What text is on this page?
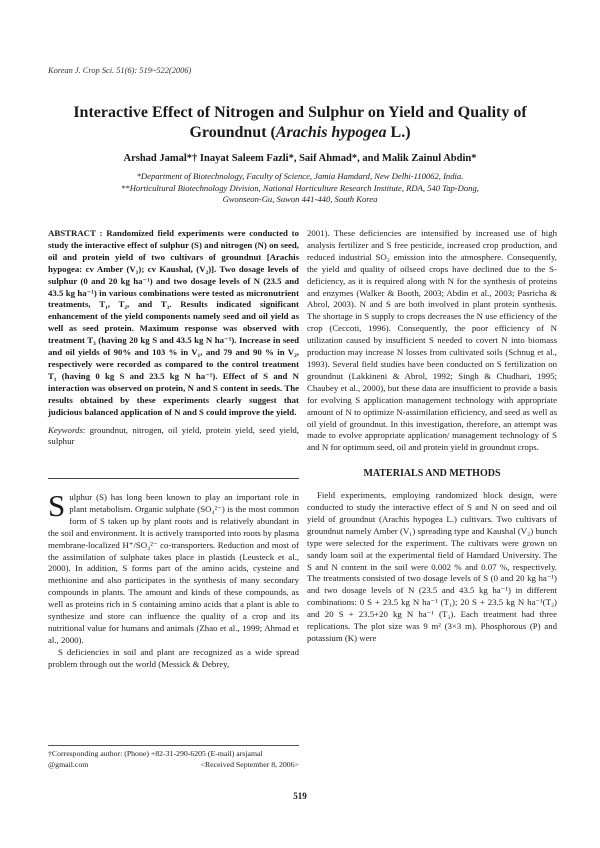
Korean J. Crop Sci. 51(6): 519~522(2006)
Interactive Effect of Nitrogen and Sulphur on Yield and Quality of
Groundnut (Arachis hypogea L.)
Arshad Jamal*† Inayat Saleem Fazli*, Saif Ahmad*, and Malik Zainul Abdin*
*Department of Biotechnology, Faculty of Science, Jamia Hamdard, New Delhi-110062, India.
**Horticultural Biotechnology Division, National Horticulture Research Institute, RDA, 540 Tap-Dong,
Gwonseon-Gu, Suwon 441-440, South Korea
ABSTRACT : Randomized field experiments were conducted to study the interactive effect of sulphur (S) and nitrogen (N) on seed, oil and protein yield of two cultivars of groundnut [Arachis hypogea: cv Amber (V₁); cv Kaushal, (V₂)]. Two dosage levels of sulphur (0 and 20 kg ha⁻¹) and two dosage levels of N (23.5 and 43.5 kg ha⁻¹) in various combinations were tested as micronutrient treatments, T₁, T₂, and T₃. Results indicated significant enhancement of the yield components namely seed and oil yield as well as seed protein. Maximum response was observed with treatment T₃ (having 20 kg S and 43.5 kg N ha⁻¹). Increase in seed and oil yields of 90% and 103 % in V₁, and 79 and 90 % in V₂, respectively were recorded as compared to the control treatment T₁ (having 0 kg S and 23.5 kg N ha⁻¹). Effect of S and N interaction was observed on protein, N and S content in seeds. The results obtained by these experiments clearly suggest that judicious balanced application of N and S could improve the yield.
Keywords: groundnut, nitrogen, oil yield, protein yield, seed yield, sulphur

Sulphur (S) has long been known to play an important role in plant metabolism. Organic sulphate (SO₄²⁻) is the most common form of S taken up by plant roots and is relatively abundant in the soil and environment. It is actively transported into roots by plasma membrane-localized H⁺/SO₄²⁻ co-transporters. Reduction and most of the assimilation of sulphate takes place in plastids (Leusteck et al., 2000). In addition, S forms part of the amino acids, cysteine and methionine and also participates in the synthesis of many secondary compounds in plants. The amount and kinds of these compounds, as well as proteins rich in S containing amino acids that a plant is able to synthesize and store can influence the quality of a crop and its nutritional value for humans and animals (Zhao et al., 1999; Ahmad et al., 2000).

S deficiencies in soil and plant are recognized as a wide spread problem through out the world (Messick & Debrey,

†Corresponding author: (Phone) +82-31-290-6205 (E-mail) arsjamal @gmail.com	<Received September 8, 2006>

2001). These deficiencies are intensified by increased use of high analysis fertilizer and S free pesticide, increased crop production, and reduced industrial SO₂ emission into the atmosphere. Consequently, the yield and quality of oilseed crops have declined due to the S-deficiency, as it is required along with N for the synthesis of proteins and enzymes (Walker & Booth, 2003; Abdin et al., 2003; Pasricha & Abrol, 2003). N and S are both involved in plant protein synthesis. The shortage in S supply to crops decreases the N use efficiency of the crop (Ceccoti, 1996). Consequently, the poor efficiency of N utilization caused by insufficient S needed to covert N into biomass production may increase N losses from cultivated soils (Schnug et al., 1993). Several field studies have been conducted on S fertilization on groundnut (Lakkineni & Abrol, 1992; Singh & Chudhari, 1995; Chaubey et al., 2000), but these data are insufficient to provide a basis for evolving S application management technology with appropriate amount of N to optimize N-assimilation efficiency, and seed as well as oil yield of groundnut. In this investigation, therefore, an attempt was made to evolve appropriate application/ management technology of S and N for optimum seed, oil and protein yield in groundnut crops.

MATERIALS AND METHODS

Field experiments, employing randomized block design, were conducted to study the interactive effect of S and N on seed and oil yield of groundnut (Arachis hypogea L.) cultivars. Two cultivars of groundnut namely Amber (V₁) spreading type and Kaushal (V₂) bunch type were selected for the experiment. The cultivars were grown on sandy loam soil at the experimental field of Hamdard University. The S and N content in the soil were 0.002 % and 0.07 %, respectively. The treatments consisted of two dosage levels of S (0 and 20 kg ha⁻¹) and two dosage levels of N (23.5 and 43.5 kg ha⁻¹) in different combinations: 0 S + 23.5 kg N ha⁻¹ (T₁); 20 S + 23.5 kg N ha⁻¹(T₂) and 20 S + 23.5+20 kg N ha⁻¹ (T₃). Each treatment had three replications. The plot size was 9 m² (3×3 m). Phosphorous (P) and potassium (K) were

519
